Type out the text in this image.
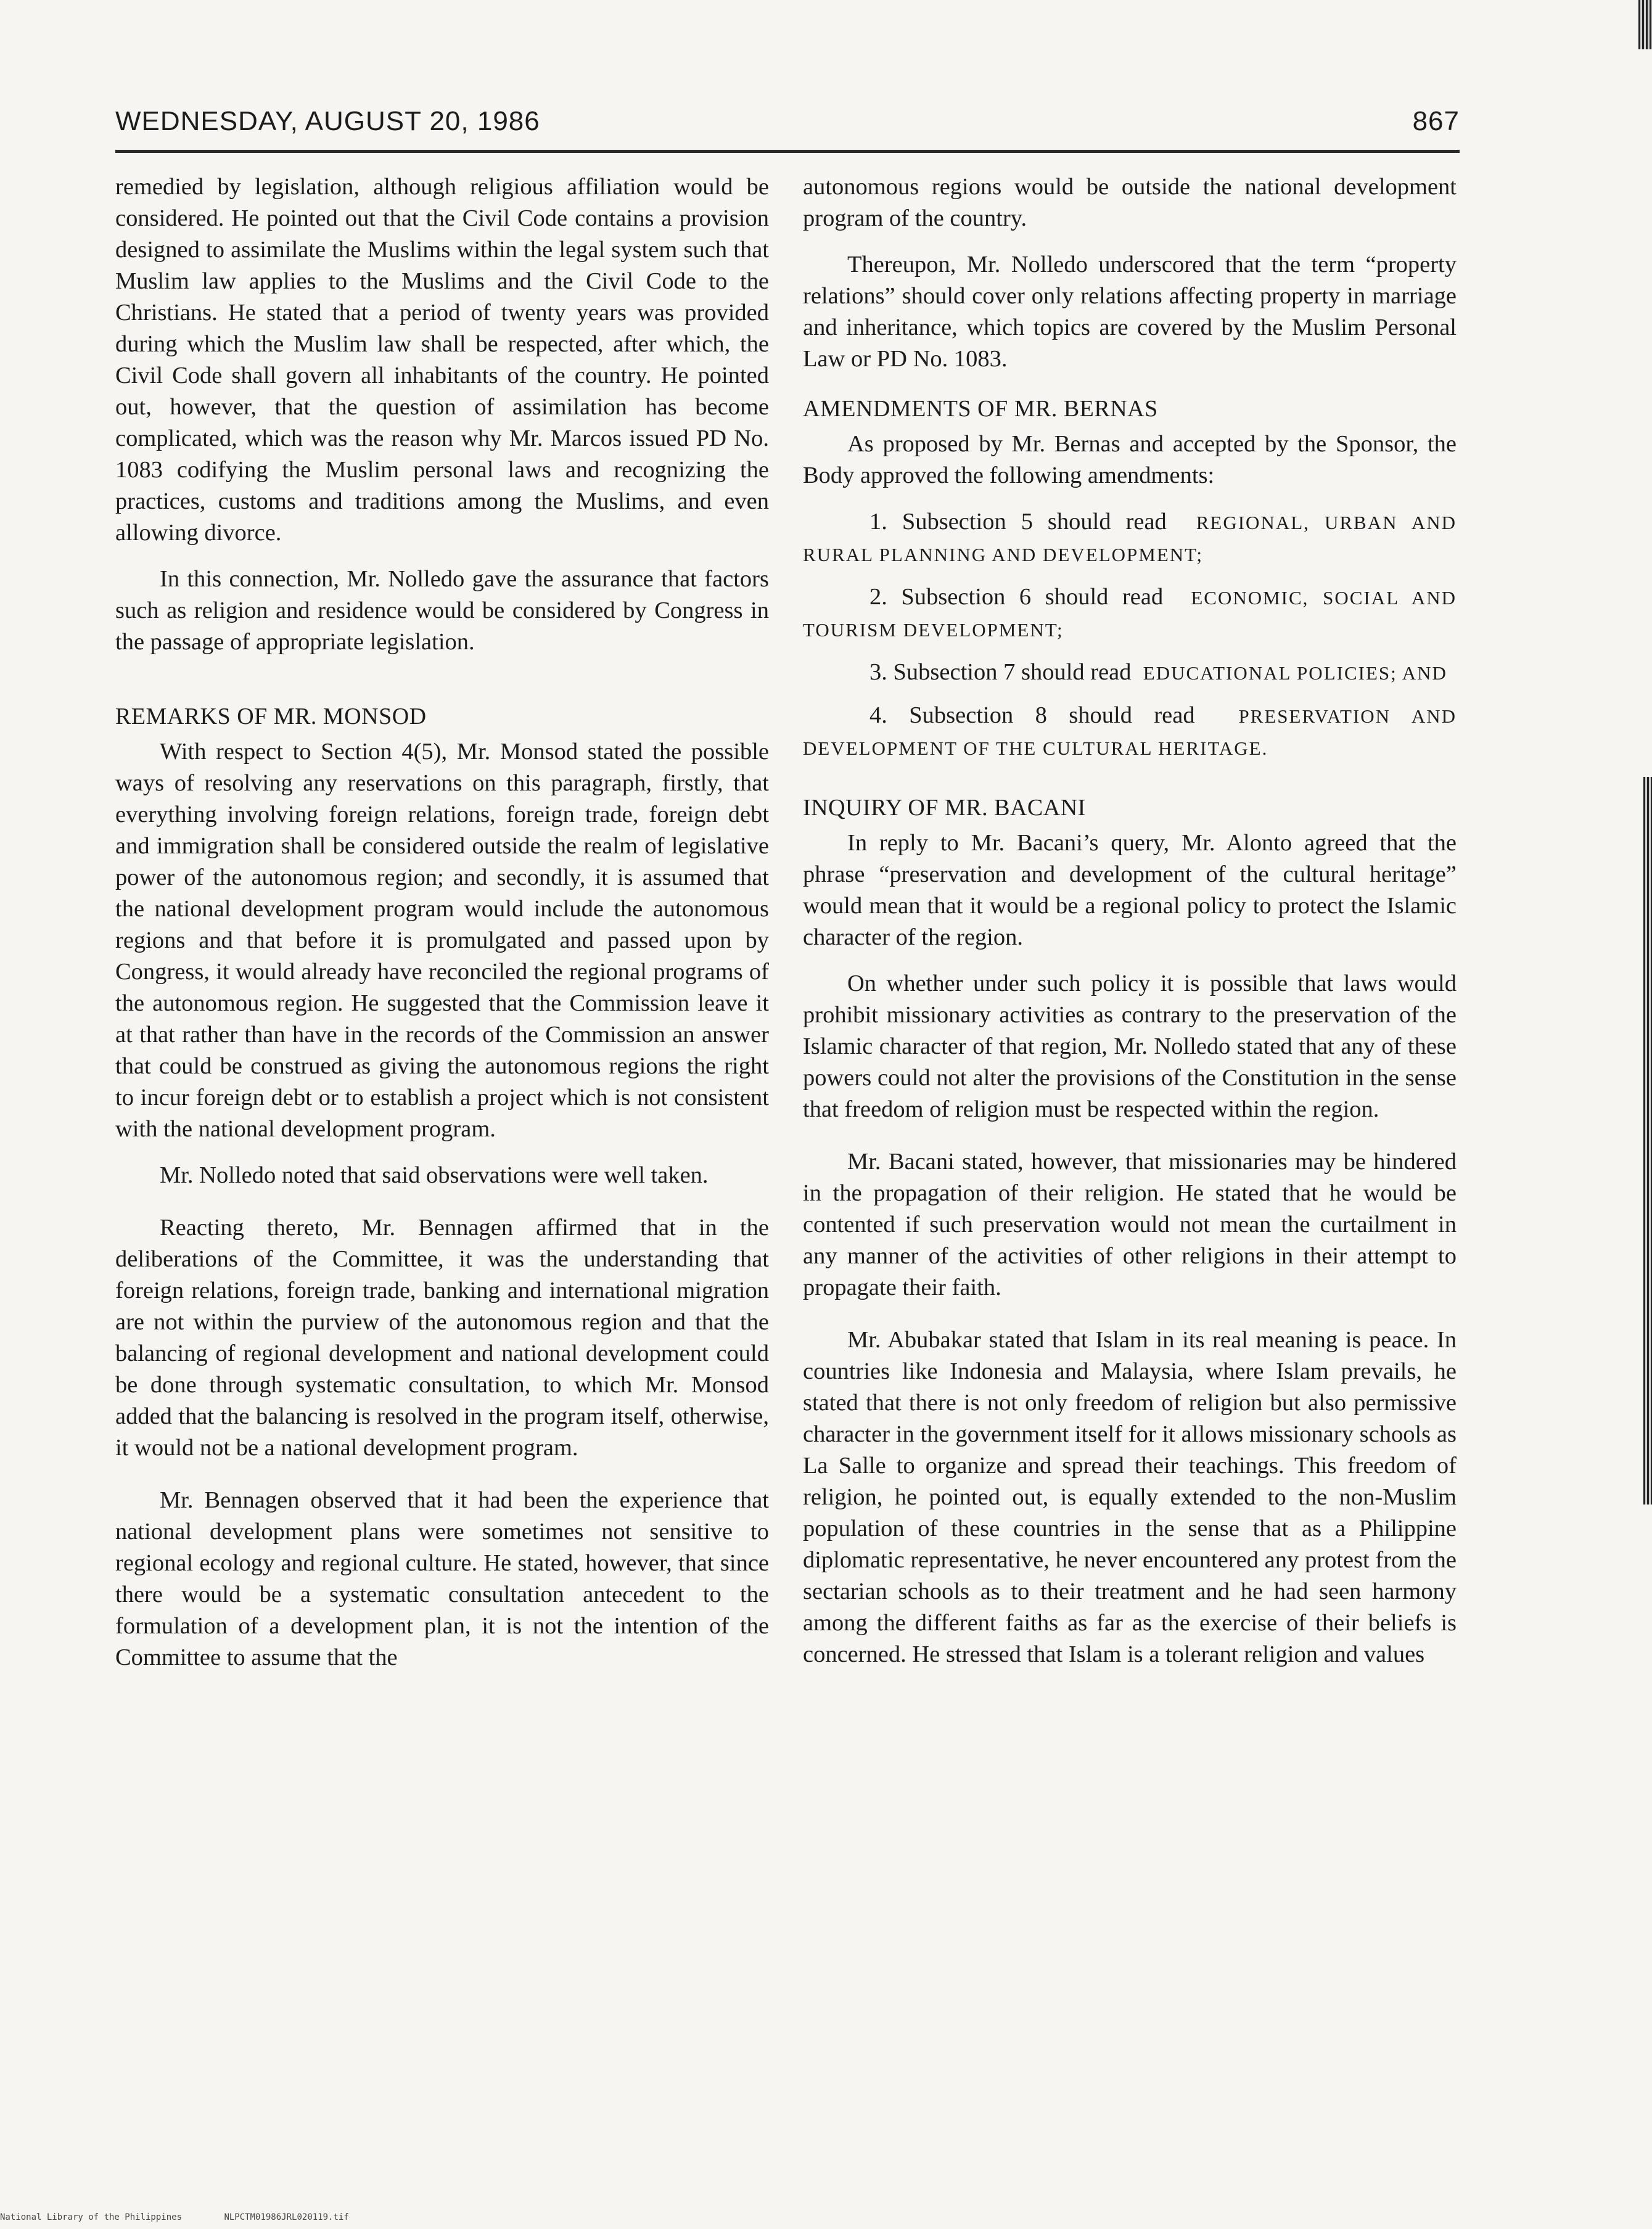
WEDNESDAY, AUGUST 20, 1986	867

remedied by legislation, although religious affiliation would be considered. He pointed out that the Civil Code contains a provision designed to assimilate the Muslims within the legal system such that Muslim law applies to the Muslims and the Civil Code to the Christians. He stated that a period of twenty years was provided during which the Muslim law shall be respected, after which, the Civil Code shall govern all inhabitants of the country. He pointed out, however, that the question of assimilation has become complicated, which was the reason why Mr. Marcos issued PD No. 1083 codifying the Muslim personal laws and recognizing the practices, customs and traditions among the Muslims, and even allowing divorce.

In this connection, Mr. Nolledo gave the assurance that factors such as religion and residence would be considered by Congress in the passage of appropriate legislation.

REMARKS OF MR. MONSOD

With respect to Section 4(5), Mr. Monsod stated the possible ways of resolving any reservations on this paragraph, firstly, that everything involving foreign relations, foreign trade, foreign debt and immigration shall be considered outside the realm of legislative power of the autonomous region; and secondly, it is assumed that the national development program would include the autonomous regions and that before it is promulgated and passed upon by Congress, it would already have reconciled the regional programs of the autonomous region. He suggested that the Commission leave it at that rather than have in the records of the Commission an answer that could be construed as giving the autonomous regions the right to incur foreign debt or to establish a project which is not consistent with the national development program.

Mr. Nolledo noted that said observations were well taken.

Reacting thereto, Mr. Bennagen affirmed that in the deliberations of the Committee, it was the understanding that foreign relations, foreign trade, banking and international migration are not within the purview of the autonomous region and that the balancing of regional development and national development could be done through systematic consultation, to which Mr. Monsod added that the balancing is resolved in the program itself, otherwise, it would not be a national development program.

Mr. Bennagen observed that it had been the experience that national development plans were sometimes not sensitive to regional ecology and regional culture. He stated, however, that since there would be a systematic consultation antecedent to the formulation of a development plan, it is not the intention of the Committee to assume that the

autonomous regions would be outside the national development program of the country.

Thereupon, Mr. Nolledo underscored that the term “property relations” should cover only relations affecting property in marriage and inheritance, which topics are covered by the Muslim Personal Law or PD No. 1083.

AMENDMENTS OF MR. BERNAS

As proposed by Mr. Bernas and accepted by the Sponsor, the Body approved the following amendments:

1. Subsection 5 should read REGIONAL, URBAN AND RURAL PLANNING AND DEVELOPMENT;
2. Subsection 6 should read ECONOMIC, SOCIAL AND TOURISM DEVELOPMENT;
3. Subsection 7 should read EDUCATIONAL POLICIES; AND
4. Subsection 8 should read PRESERVATION AND DEVELOPMENT OF THE CULTURAL HERITAGE.
INQUIRY OF MR. BACANI

In reply to Mr. Bacani’s query, Mr. Alonto agreed that the phrase “preservation and development of the cultural heritage” would mean that it would be a regional policy to protect the Islamic character of the region.

On whether under such policy it is possible that laws would prohibit missionary activities as contrary to the preservation of the Islamic character of that region, Mr. Nolledo stated that any of these powers could not alter the provisions of the Constitution in the sense that freedom of religion must be respected within the region.

Mr. Bacani stated, however, that missionaries may be hindered in the propagation of their religion. He stated that he would be contented if such preservation would not mean the curtailment in any manner of the activities of other religions in their attempt to propagate their faith.

Mr. Abubakar stated that Islam in its real meaning is peace. In countries like Indonesia and Malaysia, where Islam prevails, he stated that there is not only freedom of religion but also permissive character in the government itself for it allows missionary schools as La Salle to organize and spread their teachings. This freedom of religion, he pointed out, is equally extended to the non-Muslim population of these countries in the sense that as a Philippine diplomatic representative, he never encountered any protest from the sectarian schools as to their treatment and he had seen harmony among the different faiths as far as the exercise of their beliefs is concerned. He stressed that Islam is a tolerant religion and values

National Library of the Philippines	NLPCTM01986JRL020119.tif
